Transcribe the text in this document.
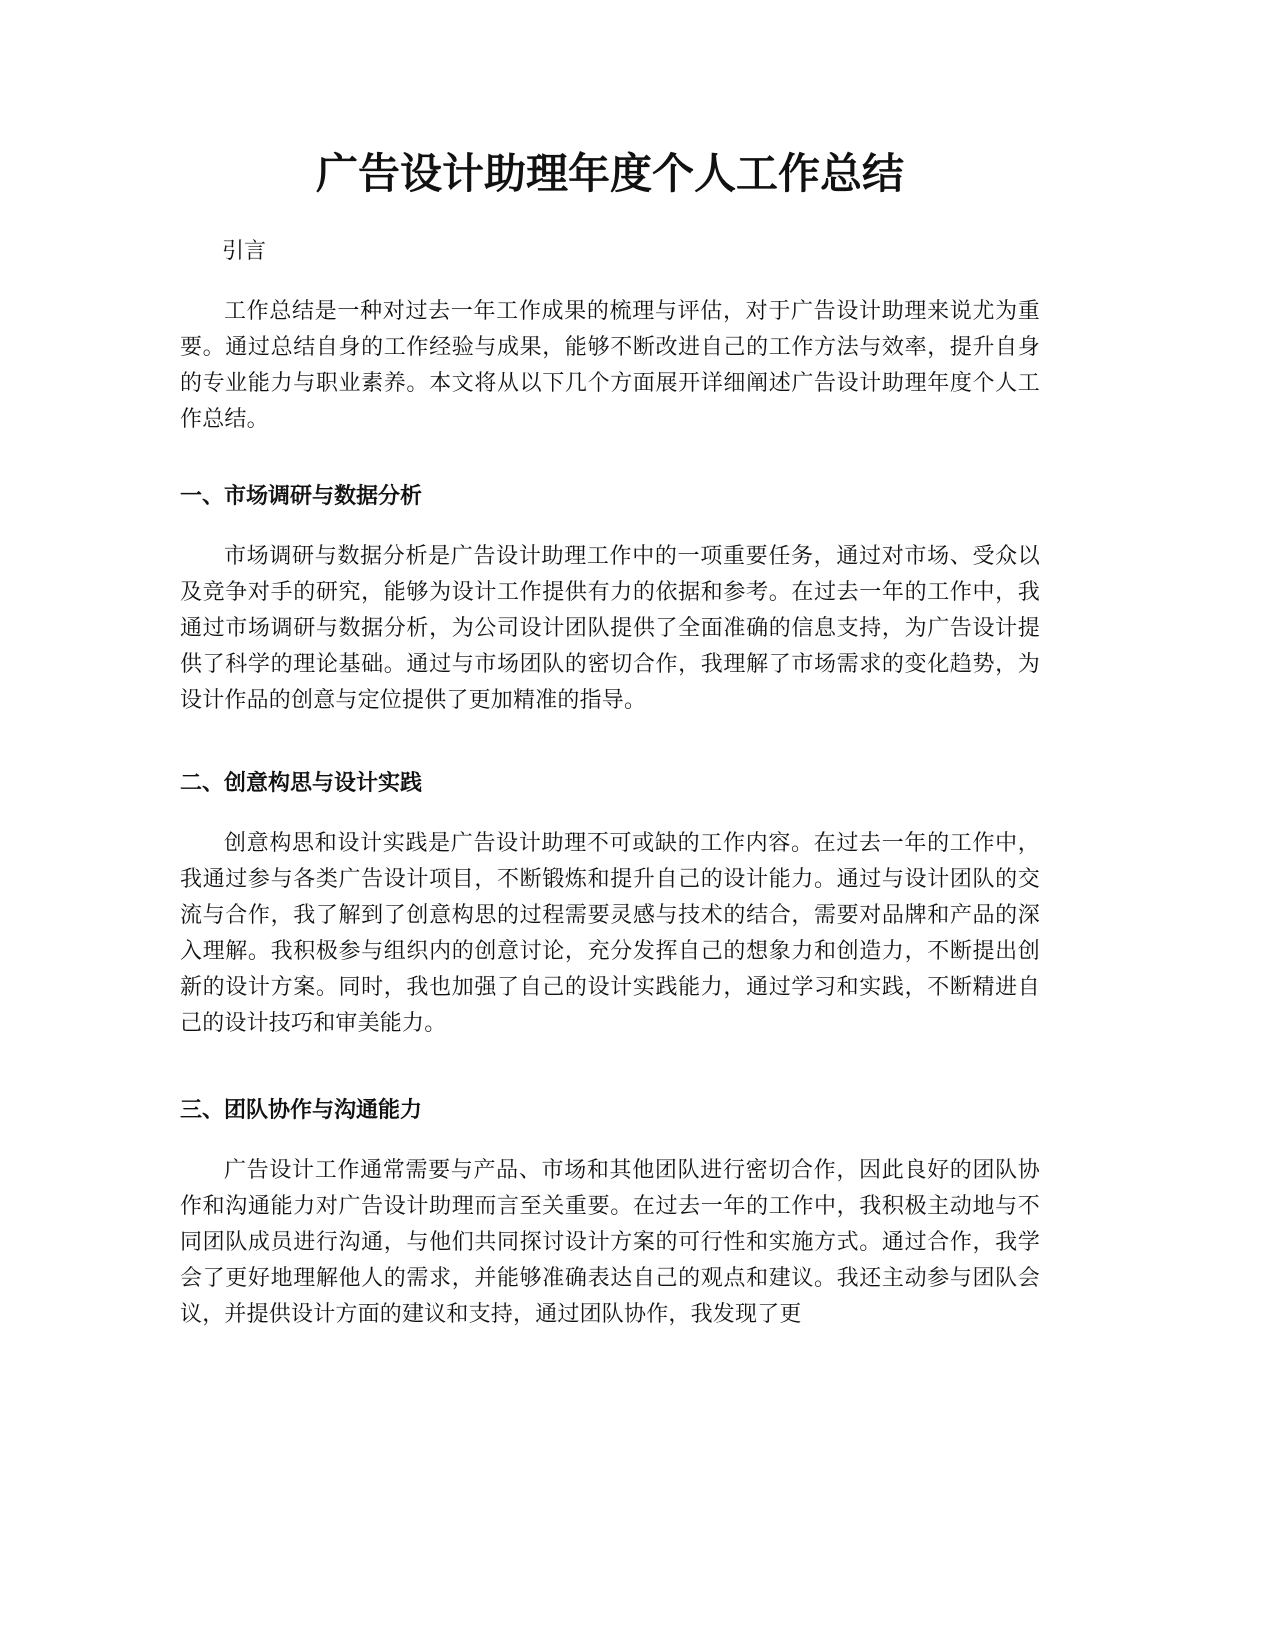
广告设计助理年度个人工作总结

引言

工作总结是一种对过去一年工作成果的梳理与评估，对于广告设计助理来说尤为重要。通过总结自身的工作经验与成果，能够不断改进自己的工作方法与效率，提升自身的专业能力与职业素养。本文将从以下几个方面展开详细阐述广告设计助理年度个人工作总结。

一、市场调研与数据分析

市场调研与数据分析是广告设计助理工作中的一项重要任务，通过对市场、受众以及竞争对手的研究，能够为设计工作提供有力的依据和参考。在过去一年的工作中，我通过市场调研与数据分析，为公司设计团队提供了全面准确的信息支持，为广告设计提供了科学的理论基础。通过与市场团队的密切合作，我理解了市场需求的变化趋势，为设计作品的创意与定位提供了更加精准的指导。

二、创意构思与设计实践

创意构思和设计实践是广告设计助理不可或缺的工作内容。在过去一年的工作中，我通过参与各类广告设计项目，不断锻炼和提升自己的设计能力。通过与设计团队的交流与合作，我了解到了创意构思的过程需要灵感与技术的结合，需要对品牌和产品的深入理解。我积极参与组织内的创意讨论，充分发挥自己的想象力和创造力，不断提出创新的设计方案。同时，我也加强了自己的设计实践能力，通过学习和实践，不断精进自己的设计技巧和审美能力。

三、团队协作与沟通能力

广告设计工作通常需要与产品、市场和其他团队进行密切合作，因此良好的团队协作和沟通能力对广告设计助理而言至关重要。在过去一年的工作中，我积极主动地与不同团队成员进行沟通，与他们共同探讨设计方案的可行性和实施方式。通过合作，我学会了更好地理解他人的需求，并能够准确表达自己的观点和建议。我还主动参与团队会议，并提供设计方面的建议和支持，通过团队协作，我发现了更
